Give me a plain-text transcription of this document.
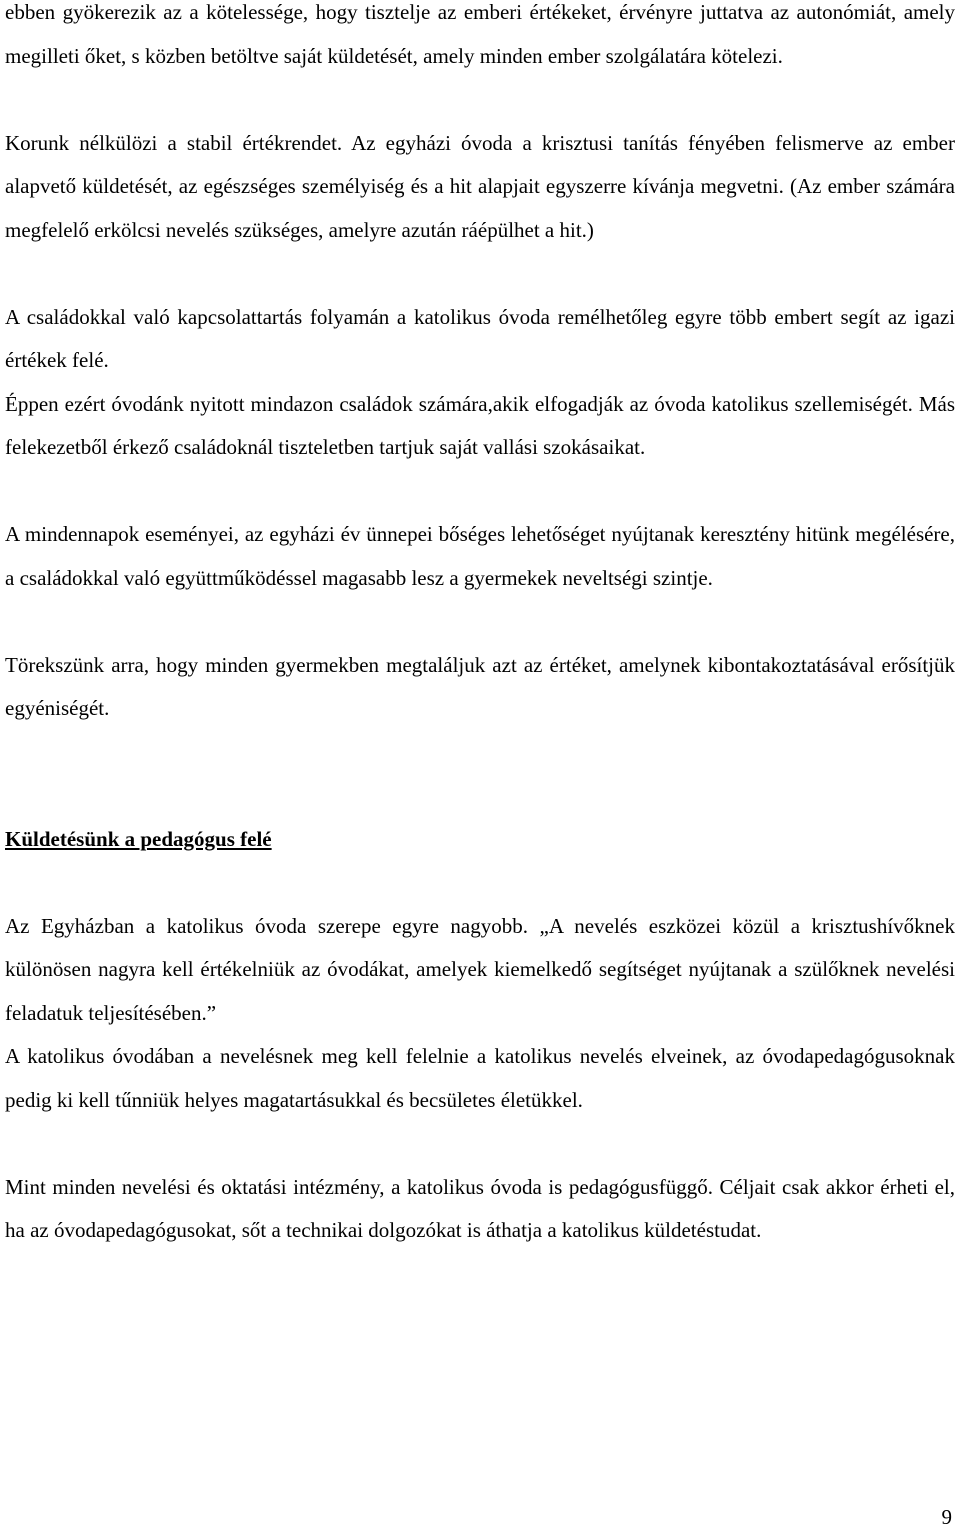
ebben gyökerezik az a kötelessége, hogy tisztelje az emberi értékeket, érvényre juttatva az autonómiát, amely megilleti őket, s közben betöltve saját küldetését, amely minden ember szolgálatára kötelezi.

Korunk nélkülözi a stabil értékrendet. Az egyházi óvoda a krisztusi tanítás fényében felismerve az ember alapvető küldetését, az egészséges személyiség és a hit alapjait egyszerre kívánja megvetni. (Az ember számára megfelelő erkölcsi nevelés szükséges, amelyre azután ráépülhet a hit.)

A családokkal való kapcsolattartás folyamán a katolikus óvoda remélhetőleg egyre több embert segít az igazi értékek felé.

Éppen ezért óvodánk nyitott mindazon családok számára,akik elfogadják az óvoda katolikus szellemiségét. Más felekezetből érkező családoknál tiszteletben tartjuk saját vallási szokásaikat.

A mindennapok eseményei, az egyházi év ünnepei bőséges lehetőséget nyújtanak keresztény hitünk megélésére, a családokkal való együttműködéssel magasabb lesz a gyermekek neveltségi szintje.

Törekszünk arra, hogy minden gyermekben megtaláljuk azt az értéket, amelynek kibontakoztatásával erősítjük egyéniségét.

Küldetésünk a pedagógus felé

Az Egyházban a katolikus óvoda szerepe egyre nagyobb. „A nevelés eszközei közül a krisztushívőknek különösen nagyra kell értékelniük az óvodákat, amelyek kiemelkedő segítséget nyújtanak a szülőknek nevelési feladatuk teljesítésében.”

A katolikus óvodában a nevelésnek meg kell felelnie a katolikus nevelés elveinek, az óvodapedagógusoknak pedig ki kell tűnniük helyes magatartásukkal és becsületes életükkel.

Mint minden nevelési és oktatási intézmény, a katolikus óvoda is pedagógusfüggő. Céljait csak akkor érheti el, ha az óvodapedagógusokat, sőt a technikai dolgozókat is áthatja a katolikus küldetéstudat.

9
